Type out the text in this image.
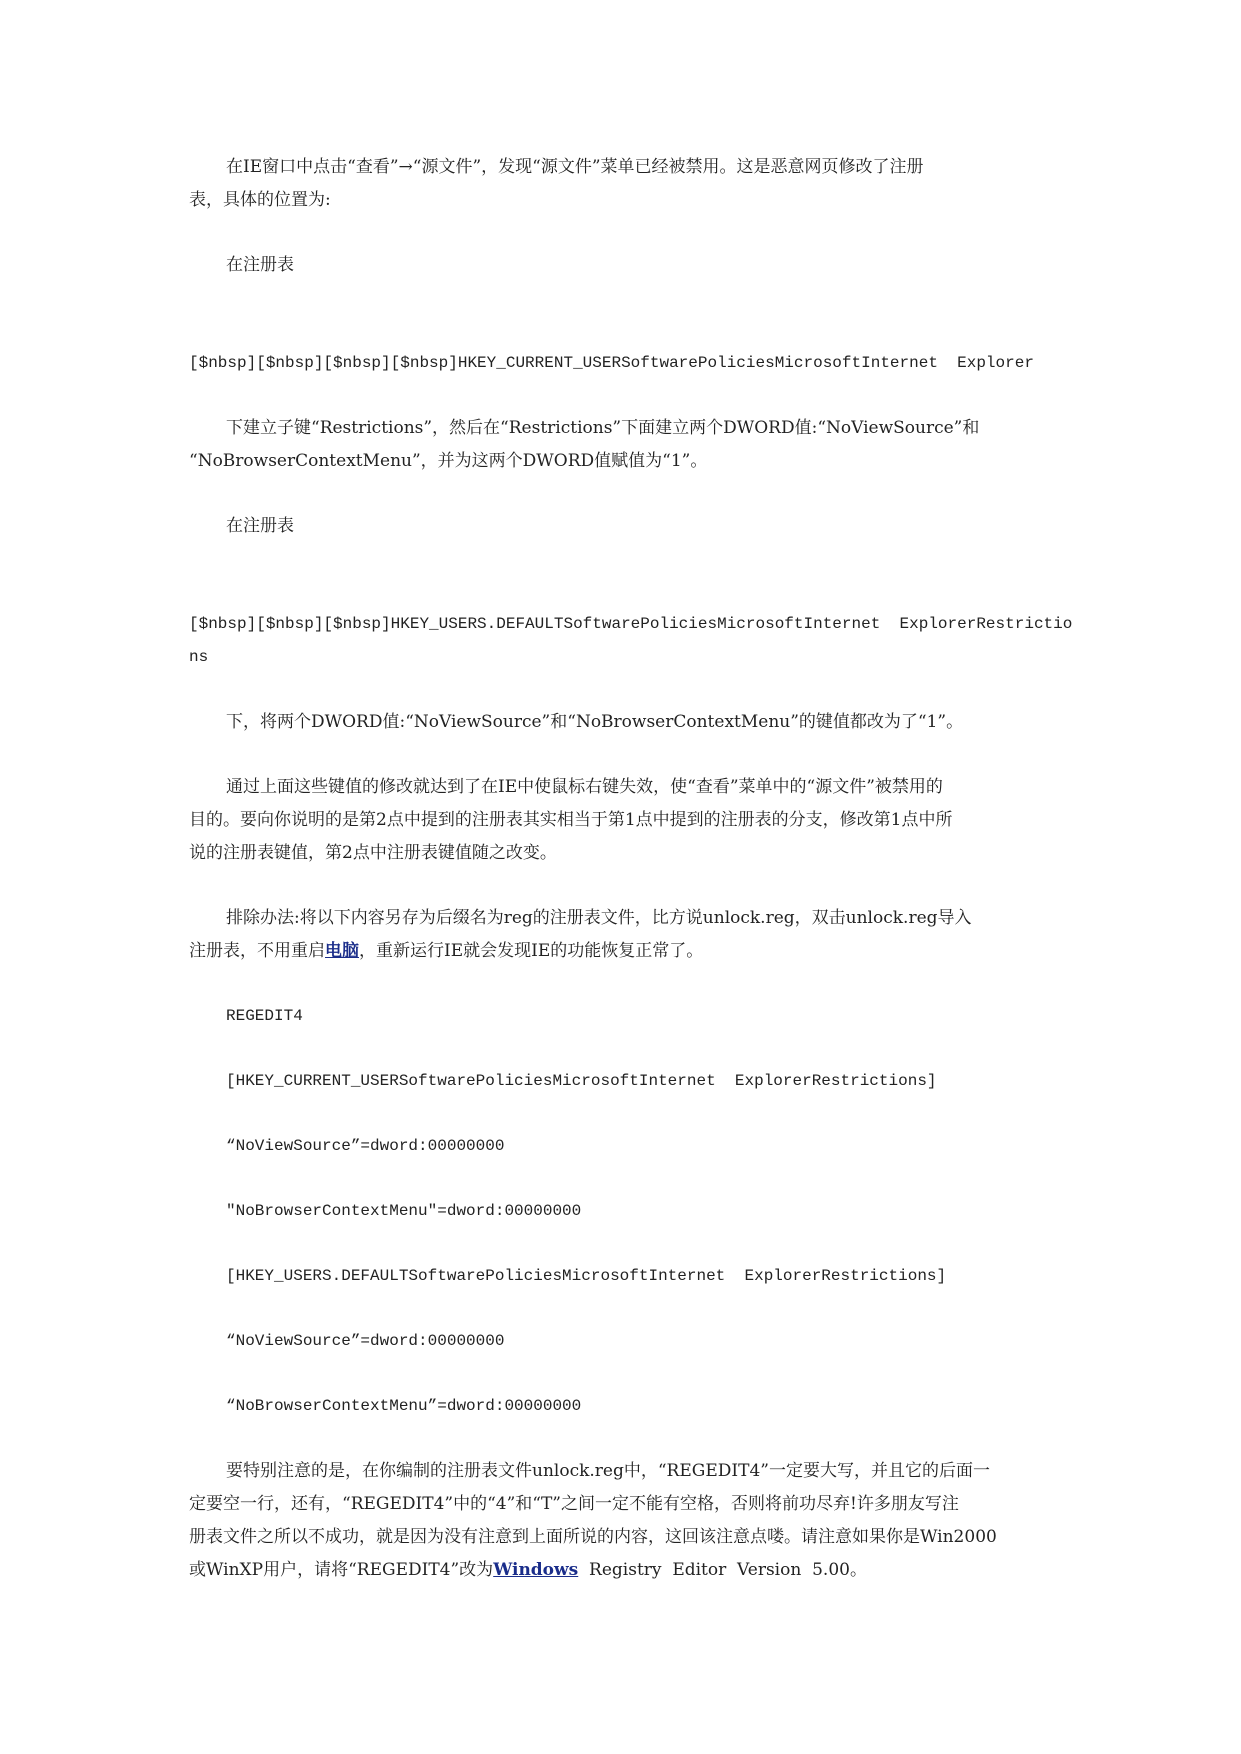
在IE窗口中点击“查看”→“源文件”，发现“源文件”菜单已经被禁用。这是恶意网页修改了注册
表，具体的位置为:
在注册表
[$nbsp][$nbsp][$nbsp][$nbsp]HKEY_CURRENT_USERSoftwarePoliciesMicrosoftInternet  Explorer
下建立子键“Restrictions”，然后在“Restrictions”下面建立两个DWORD值:“NoViewSource”和
“NoBrowserContextMenu”，并为这两个DWORD值赋值为“1”。
在注册表
[$nbsp][$nbsp][$nbsp]HKEY_USERS.DEFAULTSoftwarePoliciesMicrosoftInternet  ExplorerRestrictio
ns
下，将两个DWORD值:“NoViewSource”和“NoBrowserContextMenu”的键值都改为了“1”。
通过上面这些键值的修改就达到了在IE中使鼠标右键失效，使“查看”菜单中的“源文件”被禁用的
目的。要向你说明的是第2点中提到的注册表其实相当于第1点中提到的注册表的分支，修改第1点中所
说的注册表键值，第2点中注册表键值随之改变。
排除办法:将以下内容另存为后缀名为reg的注册表文件，比方说unlock.reg，双击unlock.reg导入
注册表，不用重启电脑，重新运行IE就会发现IE的功能恢复正常了。
REGEDIT4
[HKEY_CURRENT_USERSoftwarePoliciesMicrosoftInternet  ExplorerRestrictions]
“NoViewSource”=dword:00000000
"NoBrowserContextMenu"=dword:00000000
[HKEY_USERS.DEFAULTSoftwarePoliciesMicrosoftInternet  ExplorerRestrictions]
“NoViewSource”=dword:00000000
“NoBrowserContextMenu”=dword:00000000
要特别注意的是，在你编制的注册表文件unlock.reg中，“REGEDIT4”一定要大写，并且它的后面一
定要空一行，还有，“REGEDIT4”中的“4”和“T”之间一定不能有空格，否则将前功尽弃!许多朋友写注
册表文件之所以不成功，就是因为没有注意到上面所说的内容，这回该注意点喽。请注意如果你是Win2000
或WinXP用户，请将“REGEDIT4”改为Windows  Registry  Editor  Version  5.00。
